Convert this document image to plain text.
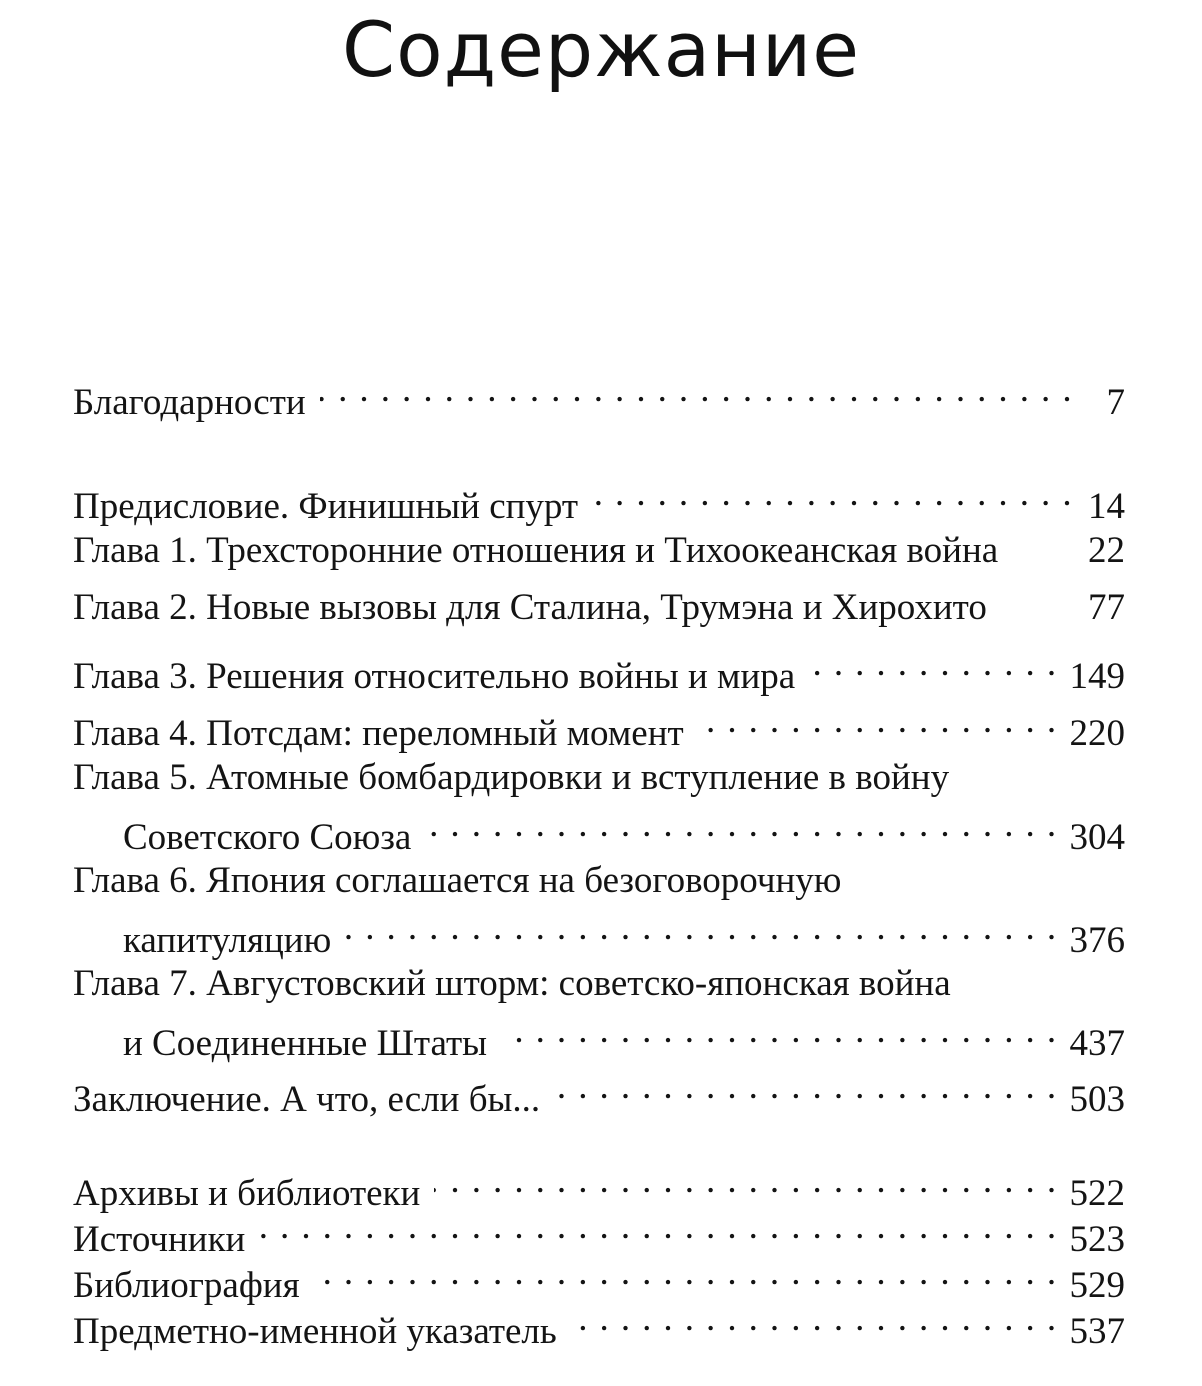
Содержание
Благодарности . . .	7
Предисловие. Финишный спурт . . .	14
Глава 1. Трехсторонние отношения и Тихоокеанская война 22
Глава 2. Новые вызовы для Сталина, Трумэна и Хирохито	77
Глава 3. Решения относительно войны и мира . . .	149
Глава 4. Потсдам: переломный момент . . .	220
Глава 5. Атомные бомбардировки и вступление в войну
Советского Союза . . .	304
Глава 6. Япония соглашается на безоговорочную
капитуляцию . . .	376
Глава 7. Августовский шторм: советско-японская война
и Соединенные Штаты . . .	437
Заключение. А что, если бы... . . .	503
Архивы и библиотеки . . .	522
Источники . . .	523
Библиография . . .	529
Предметно-именной указатель . . .	537
